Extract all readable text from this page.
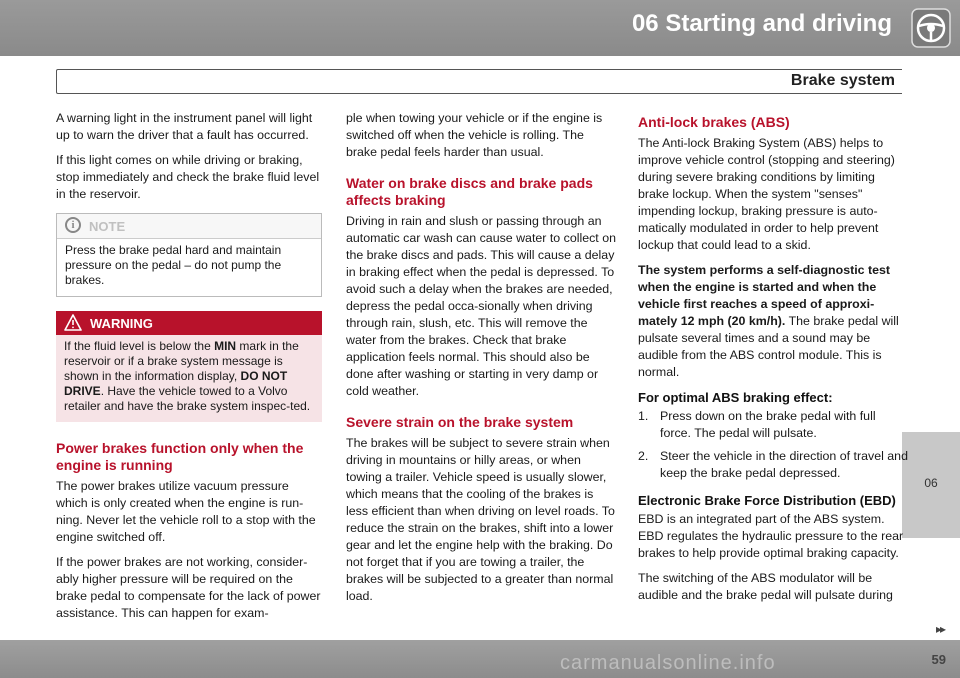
06 Starting and driving
Brake system
06

A warning light in the instrument panel will light up to warn the driver that a fault has occurred.

If this light comes on while driving or braking, stop immediately and check the brake fluid level in the reservoir.

i	NOTE
Press the brake pedal hard and maintain pressure on the pedal – do not pump the brakes.
WARNING
If the fluid level is below the MIN mark in the reservoir or if a brake system message is shown in the information display, DO NOT DRIVE. Have the vehicle towed to a Volvo retailer and have the brake system inspec-ted.
Power brakes function only when the engine is running

The power brakes utilize vacuum pressure which is only created when the engine is run-ning. Never let the vehicle roll to a stop with the engine switched off.

If the power brakes are not working, consider-ably higher pressure will be required on the brake pedal to compensate for the lack of power assistance. This can happen for exam-

ple when towing your vehicle or if the engine is switched off when the vehicle is rolling. The brake pedal feels harder than usual.

Water on brake discs and brake pads affects braking

Driving in rain and slush or passing through an automatic car wash can cause water to collect on the brake discs and pads. This will cause a delay in braking effect when the pedal is depressed. To avoid such a delay when the brakes are needed, depress the pedal occa-sionally when driving through rain, slush, etc. This will remove the water from the brakes. Check that brake application feels normal. This should also be done after washing or starting in very damp or cold weather.

Severe strain on the brake system

The brakes will be subject to severe strain when driving in mountains or hilly areas, or when towing a trailer. Vehicle speed is usually slower, which means that the cooling of the brakes is less efficient than when driving on level roads. To reduce the strain on the brakes, shift into a lower gear and let the engine help with the braking. Do not forget that if you are towing a trailer, the brakes will be subjected to a greater than normal load.

Anti-lock brakes (ABS)

The Anti-lock Braking System (ABS) helps to improve vehicle control (stopping and steering) during severe braking conditions by limiting brake lockup. When the system "senses" impending lockup, braking pressure is auto-matically modulated in order to help prevent lockup that could lead to a skid.

The system performs a self-diagnostic test when the engine is started and when the vehicle first reaches a speed of approxi-mately 12 mph (20 km/h). The brake pedal will pulsate several times and a sound may be audible from the ABS control module. This is normal.

For optimal ABS braking effect:
1. Press down on the brake pedal with full force. The pedal will pulsate.
2. Steer the vehicle in the direction of travel and keep the brake pedal depressed.
Electronic Brake Force Distribution (EBD)

EBD is an integrated part of the ABS system. EBD regulates the hydraulic pressure to the rear brakes to help provide optimal braking capacity.

The switching of the ABS modulator will be audible and the brake pedal will pulsate during

▸▸
carmanualsonline.info	59
